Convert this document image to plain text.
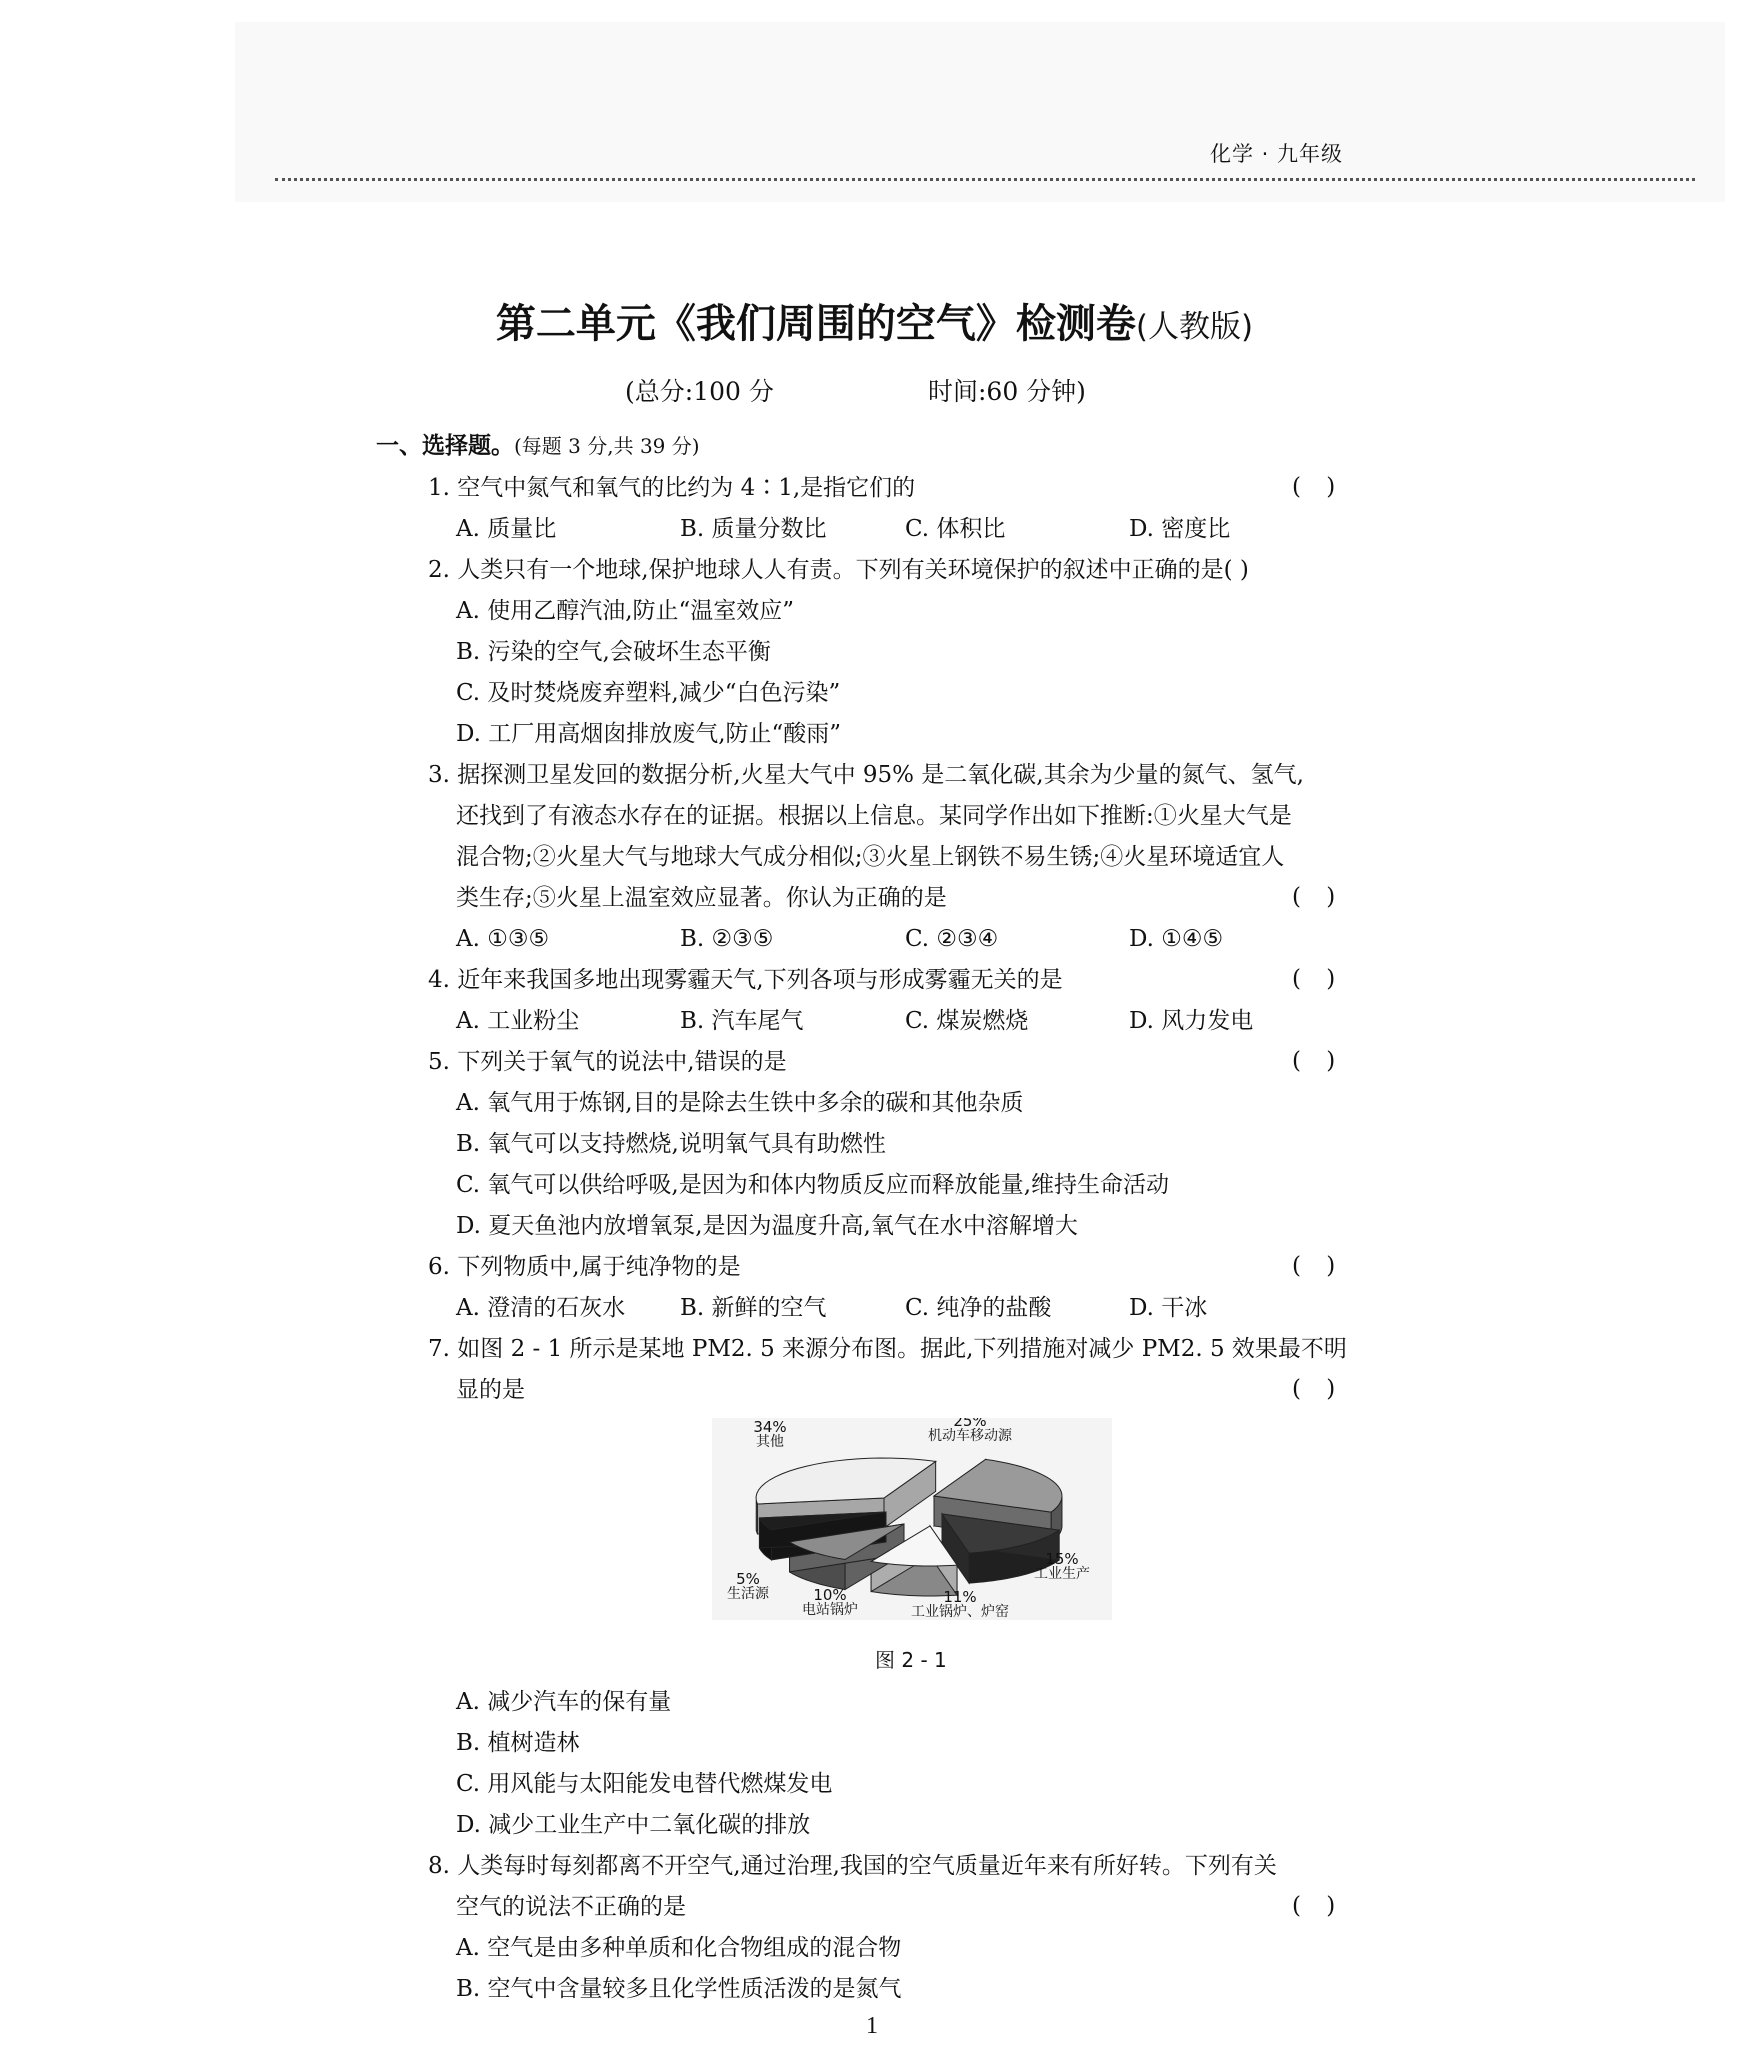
化学 · 九年级
第二单元《我们周围的空气》检测卷(人教版)
(总分:100 分	时间:60 分钟)
一、选择题。(每题 3 分,共 39 分)
1. 空气中氮气和氧气的比约为 4∶1,是指它们的	( )
A. 质量比	B. 质量分数比	C. 体积比	D. 密度比
2. 人类只有一个地球,保护地球人人有责。下列有关环境保护的叙述中正确的是( )
A. 使用乙醇汽油,防止“温室效应”
B. 污染的空气,会破坏生态平衡
C. 及时焚烧废弃塑料,减少“白色污染”
D. 工厂用高烟囱排放废气,防止“酸雨”
3. 据探测卫星发回的数据分析,火星大气中 95% 是二氧化碳,其余为少量的氮气、氢气,
还找到了有液态水存在的证据。根据以上信息。某同学作出如下推断:①火星大气是
混合物;②火星大气与地球大气成分相似;③火星上钢铁不易生锈;④火星环境适宜人
类生存;⑤火星上温室效应显著。你认为正确的是	( )
A. ①③⑤	B. ②③⑤	C. ②③④	D. ①④⑤
4. 近年来我国多地出现雾霾天气,下列各项与形成雾霾无关的是	( )
A. 工业粉尘	B. 汽车尾气	C. 煤炭燃烧	D. 风力发电
5. 下列关于氧气的说法中,错误的是	( )
A. 氧气用于炼钢,目的是除去生铁中多余的碳和其他杂质
B. 氧气可以支持燃烧,说明氧气具有助燃性
C. 氧气可以供给呼吸,是因为和体内物质反应而释放能量,维持生命活动
D. 夏天鱼池内放增氧泵,是因为温度升高,氧气在水中溶解增大
6. 下列物质中,属于纯净物的是	( )
A. 澄清的石灰水 B. 新鲜的空气	C. 纯净的盐酸	D. 干冰
7. 如图 2 - 1 所示是某地 PM2. 5 来源分布图。据此,下列措施对减少 PM2. 5 效果最不明
显的是	( )
34%
其他
25%
机动车移动源
15%
工业生产
11%
工业锅炉、炉窑
10%
电站锅炉
5%
生活源
图 2 - 1
A. 减少汽车的保有量
B. 植树造林
C. 用风能与太阳能发电替代燃煤发电
D. 减少工业生产中二氧化碳的排放
8. 人类每时每刻都离不开空气,通过治理,我国的空气质量近年来有所好转。下列有关
空气的说法不正确的是	( )
A. 空气是由多种单质和化合物组成的混合物
B. 空气中含量较多且化学性质活泼的是氮气
1
